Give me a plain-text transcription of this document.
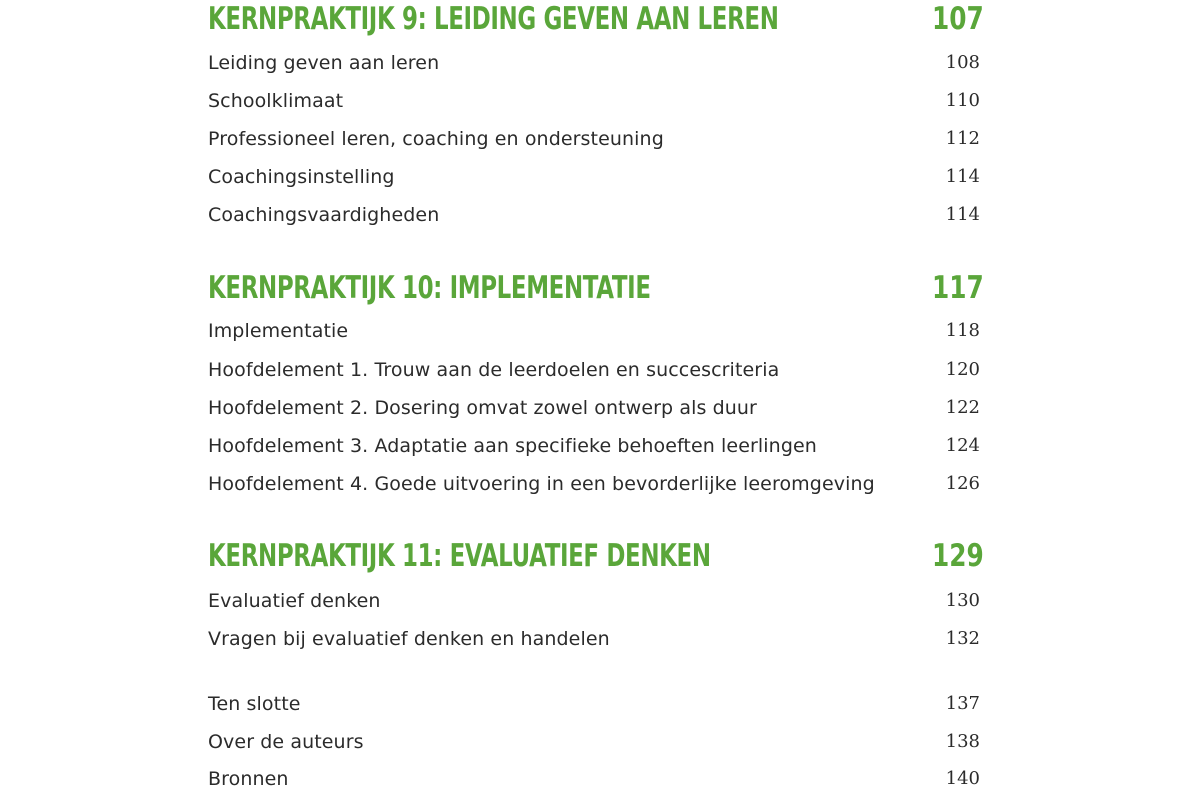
KERNPRAKTIJK 9: LEIDING GEVEN AAN LEREN	107
Leiding geven aan leren	108
Schoolklimaat	110
Professioneel leren, coaching en ondersteuning	112
Coachingsinstelling	114
Coachingsvaardigheden	114
KERNPRAKTIJK 10: IMPLEMENTATIE	117
Implementatie	118
Hoofdelement 1. Trouw aan de leerdoelen en succescriteria	120
Hoofdelement 2. Dosering omvat zowel ontwerp als duur	122
Hoofdelement 3. Adaptatie aan specifieke behoeften leerlingen	124
Hoofdelement 4. Goede uitvoering in een bevorderlijke leeromgeving	126
KERNPRAKTIJK 11: EVALUATIEF DENKEN	129
Evaluatief denken	130
Vragen bij evaluatief denken en handelen	132
Ten slotte	137
Over de auteurs	138
Bronnen	140
